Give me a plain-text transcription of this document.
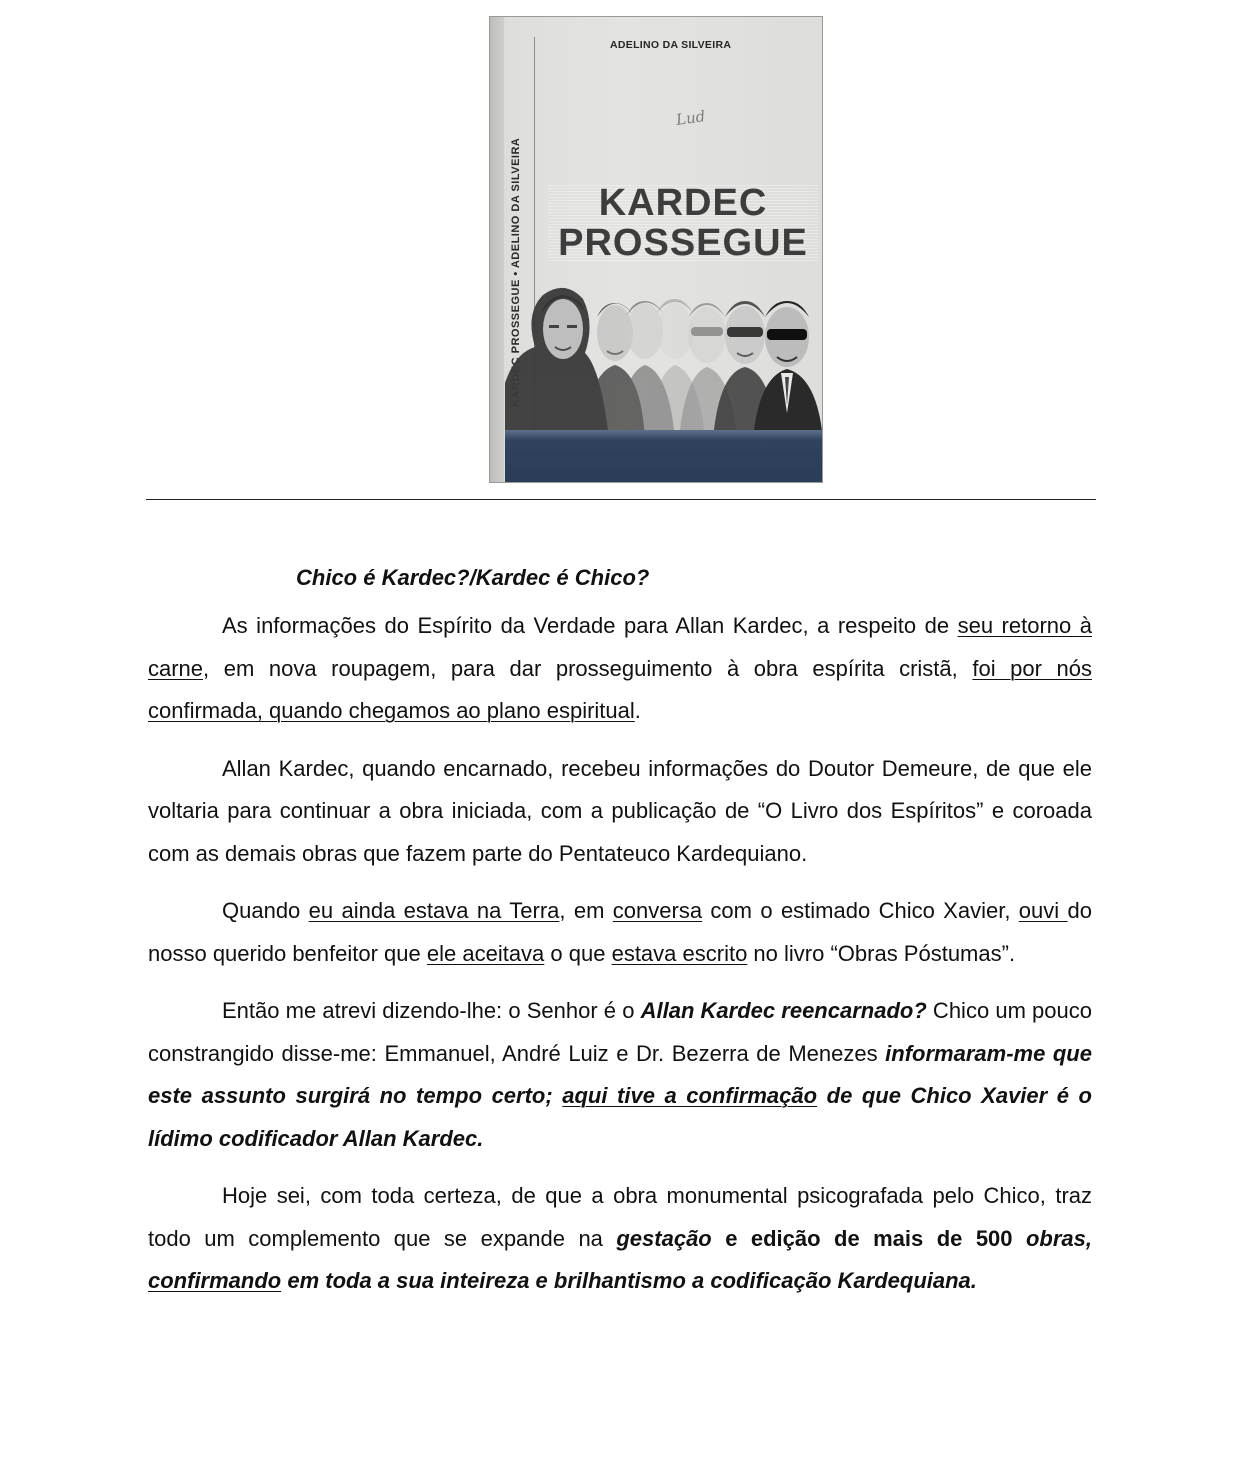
KARDEC PROSSEGUE • ADELINO DA SILVEIRA
ADELINO DA SILVEIRA
Lud
KARDEC
PROSSEGUE
Chico é Kardec?/Kardec é Chico?

As informações do Espírito da Verdade para Allan Kardec, a respeito de seu retorno à carne, em nova roupagem, para dar prosseguimento à obra espírita cristã, foi por nós confirmada, quando chegamos ao plano espiritual.

Allan Kardec, quando encarnado, recebeu informações do Doutor Demeure, de que ele voltaria para continuar a obra iniciada, com a publicação de “O Livro dos Espíritos” e coroada com as demais obras que fazem parte do Pentateuco Kardequiano.

Quando eu ainda estava na Terra, em conversa com o estimado Chico Xavier, ouvi do nosso querido benfeitor que ele aceitava o que estava escrito no livro “Obras Póstumas”.

Então me atrevi dizendo-lhe: o Senhor é o Allan Kardec reencarnado? Chico um pouco constrangido disse-me: Emmanuel, André Luiz e Dr. Bezerra de Menezes informaram-me que este assunto surgirá no tempo certo; aqui tive a confirmação de que Chico Xavier é o lídimo codificador Allan Kardec.

Hoje sei, com toda certeza, de que a obra monumental psicografada pelo Chico, traz todo um complemento que se expande na gestação e edição de mais de 500 obras, confirmando em toda a sua inteireza e brilhantismo a codificação Kardequiana.
